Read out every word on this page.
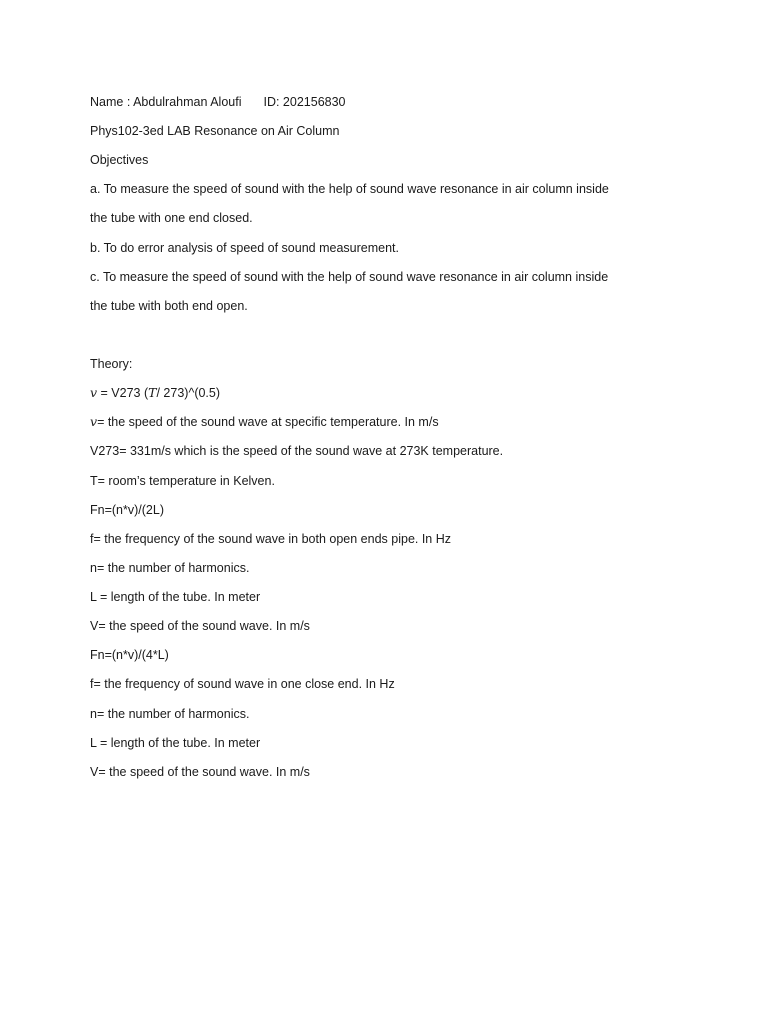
Name : Abdulrahman Aloufi ID: 202156830
Phys102-3ed LAB Resonance on Air Column
Objectives
a. To measure the speed of sound with the help of sound wave resonance in air column inside
the tube with one end closed.
b. To do error analysis of speed of sound measurement.
c. To measure the speed of sound with the help of sound wave resonance in air column inside
the tube with both end open.
Theory:
𝑣 = V273 (𝑇/ 273)^(0.5)
𝑣= the speed of the sound wave at specific temperature. In m/s
V273= 331m/s which is the speed of the sound wave at 273K temperature.
T= room’s temperature in Kelven.
Fn=(n*v)/(2L)
f= the frequency of the sound wave in both open ends pipe. In Hz
n= the number of harmonics.
L = length of the tube. In meter
V= the speed of the sound wave. In m/s
Fn=(n*v)/(4*L)
f= the frequency of sound wave in one close end. In Hz
n= the number of harmonics.
L = length of the tube. In meter
V= the speed of the sound wave. In m/s
